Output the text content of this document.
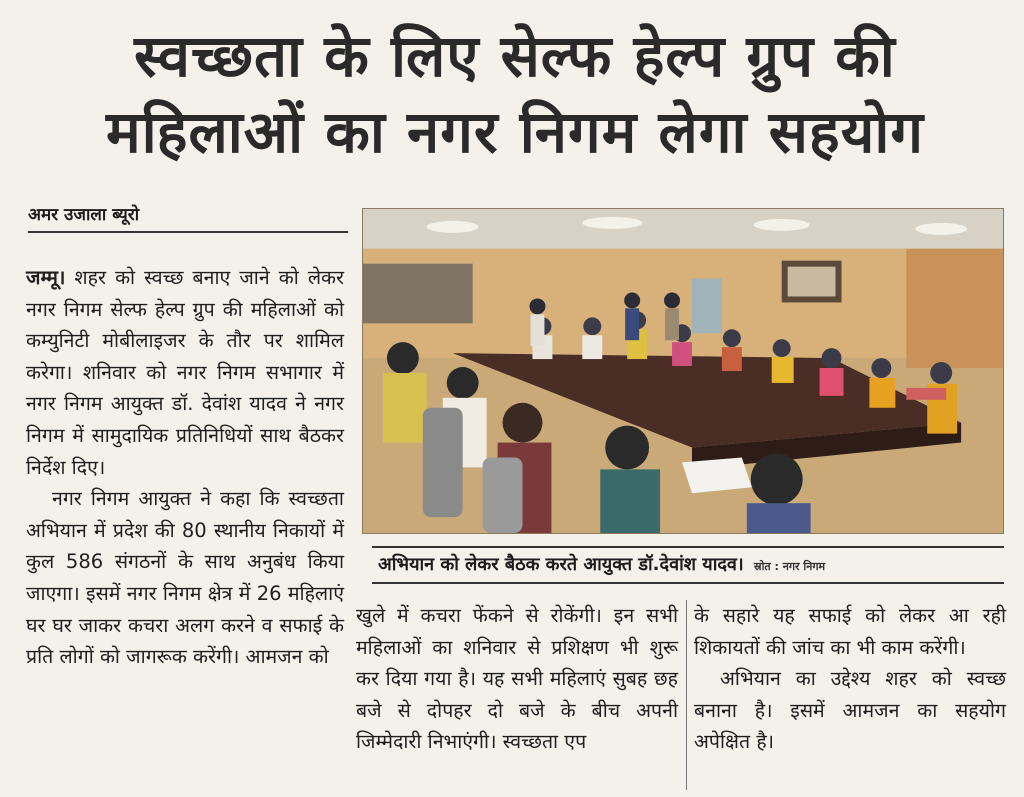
स्वच्छता के लिए सेल्फ हेल्प ग्रुप की
महिलाओं का नगर निगम लेगा सहयोग
अमर उजाला ब्यूरो

जम्मू। शहर को स्वच्छ बनाए जाने को लेकर नगर निगम सेल्फ हेल्प ग्रुप की महिलाओं को कम्युनिटी मोबीलाइजर के तौर पर शामिल करेगा। शनिवार को नगर निगम सभागार में नगर निगम आयुक्त डॉ. देवांश यादव ने नगर निगम में सामुदायिक प्रतिनिधियों साथ बैठकर निर्देश दिए।

नगर निगम आयुक्त ने कहा कि स्वच्छता अभियान में प्रदेश की 80 स्थानीय निकायों में कुल 586 संगठनों के साथ अनुबंध किया जाएगा। इसमें नगर निगम क्षेत्र में 26 महिलाएं घर घर जाकर कचरा अलग करने व सफाई के प्रति लोगों को जागरूक करेंगी। आमजन को

अभियान को लेकर बैठक करते आयुक्त डॉ.देवांश यादव। स्रोत : नगर निगम

खुले में कचरा फेंकने से रोकेंगी। इन सभी महिलाओं का शनिवार से प्रशिक्षण भी शुरू कर दिया गया है। यह सभी महिलाएं सुबह छह बजे से दोपहर दो बजे के बीच अपनी जिम्मेदारी निभाएंगी। स्वच्छता एप

के सहारे यह सफाई को लेकर आ रही शिकायतों की जांच का भी काम करेंगी।

अभियान का उद्देश्य शहर को स्वच्छ बनाना है। इसमें आमजन का सहयोग अपेक्षित है।
